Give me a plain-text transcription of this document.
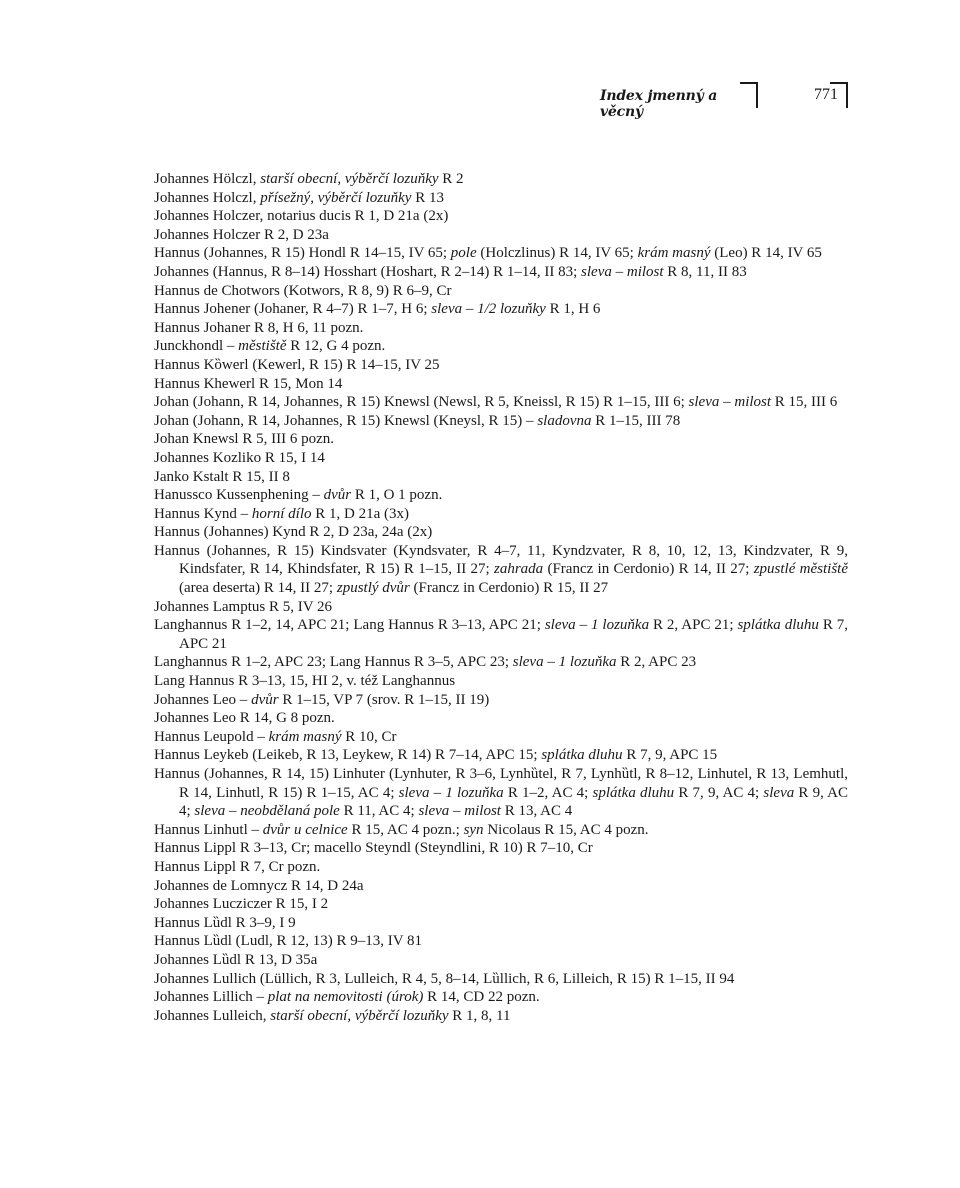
Index jmenný a věcný
771

Johannes Hölczl, starší obecní, výběrčí lozuňky R 2

Johannes Holczl, přísežný, výběrčí lozuňky R 13

Johannes Holczer, notarius ducis R 1, D 21a (2x)

Johannes Holczer R 2, D 23a

Hannus (Johannes, R 15) Hondl R 14–15, IV 65; pole (Holczlinus) R 14, IV 65; krám masný (Leo) R 14, IV 65

Johannes (Hannus, R 8–14) Hosshart (Hoshart, R 2–14) R 1–14, II 83; sleva – milost R 8, 11, II 83

Hannus de Chotwors (Kotwors, R 8, 9) R 6–9, Cr

Hannus Johener (Johaner, R 4–7) R 1–7, H 6; sleva – 1/2 lozuňky R 1, H 6

Hannus Johaner R 8, H 6, 11 pozn.

Junckhondl – městiště R 12, G 4 pozn.

Hannus Kȍwerl (Kewerl, R 15) R 14–15, IV 25

Hannus Khewerl R 15, Mon 14

Johan (Johann, R 14, Johannes, R 15) Knewsl (Newsl, R 5, Kneissl, R 15) R 1–15, III 6; sleva – milost R 15, III 6

Johan (Johann, R 14, Johannes, R 15) Knewsl (Kneysl, R 15) – sladovna R 1–15, III 78

Johan Knewsl R 5, III 6 pozn.

Johannes Kozliko R 15, I 14

Janko Kstalt R 15, II 8

Hanussco Kussenphening – dvůr R 1, O 1 pozn.

Hannus Kynd – horní dílo R 1, D 21a (3x)

Hannus (Johannes) Kynd R 2, D 23a, 24a (2x)

Hannus (Johannes, R 15) Kindsvater (Kyndsvater, R 4–7, 11, Kyndzvater, R 8, 10, 12, 13, Kindzvater, R 9, Kindsfater, R 14, Khindsfater, R 15) R 1–15, II 27; zahrada (Francz in Cerdonio) R 14, II 27; zpustlé městiště (area deserta) R 14, II 27; zpustlý dvůr (Francz in Cerdonio) R 15, II 27

Johannes Lamptus R 5, IV 26

Langhannus R 1–2, 14, APC 21; Lang Hannus R 3–13, APC 21; sleva – 1 lozuňka R 2, APC 21; splátka dluhu R 7, APC 21

Langhannus R 1–2, APC 23; Lang Hannus R 3–5, APC 23; sleva – 1 lozuňka R 2, APC 23

Lang Hannus R 3–13, 15, HI 2, v. též Langhannus

Johannes Leo – dvůr R 1–15, VP 7 (srov. R 1–15, II 19)

Johannes Leo R 14, G 8 pozn.

Hannus Leupold – krám masný R 10, Cr

Hannus Leykeb (Leikeb, R 13, Leykew, R 14) R 7–14, APC 15; splátka dluhu R 7, 9, APC 15

Hannus (Johannes, R 14, 15) Linhuter (Lynhuter, R 3–6, Lynhȕtel, R 7, Lynhȕtl, R 8–12, Linhutel, R 13, Lemhutl, R 14, Linhutl, R 15) R 1–15, AC 4; sleva – 1 lozuňka R 1–2, AC 4; splátka dluhu R 7, 9, AC 4; sleva R 9, AC 4; sleva – neobdělaná pole R 11, AC 4; sleva – milost R 13, AC 4

Hannus Linhutl – dvůr u celnice R 15, AC 4 pozn.; syn Nicolaus R 15, AC 4 pozn.

Hannus Lippl R 3–13, Cr; macello Steyndl (Steyndlini, R 10) R 7–10, Cr

Hannus Lippl R 7, Cr pozn.

Johannes de Lomnycz R 14, D 24a

Johannes Lucziczer R 15, I 2

Hannus Lȕdl R 3–9, I 9

Hannus Lȕdl (Ludl, R 12, 13) R 9–13, IV 81

Johannes Lȕdl R 13, D 35a

Johannes Lullich (Lüllich, R 3, Lulleich, R 4, 5, 8–14, Lȕllich, R 6, Lilleich, R 15) R 1–15, II 94

Johannes Lillich – plat na nemovitosti (úrok) R 14, CD 22 pozn.

Johannes Lulleich, starší obecní, výběrčí lozuňky R 1, 8, 11
